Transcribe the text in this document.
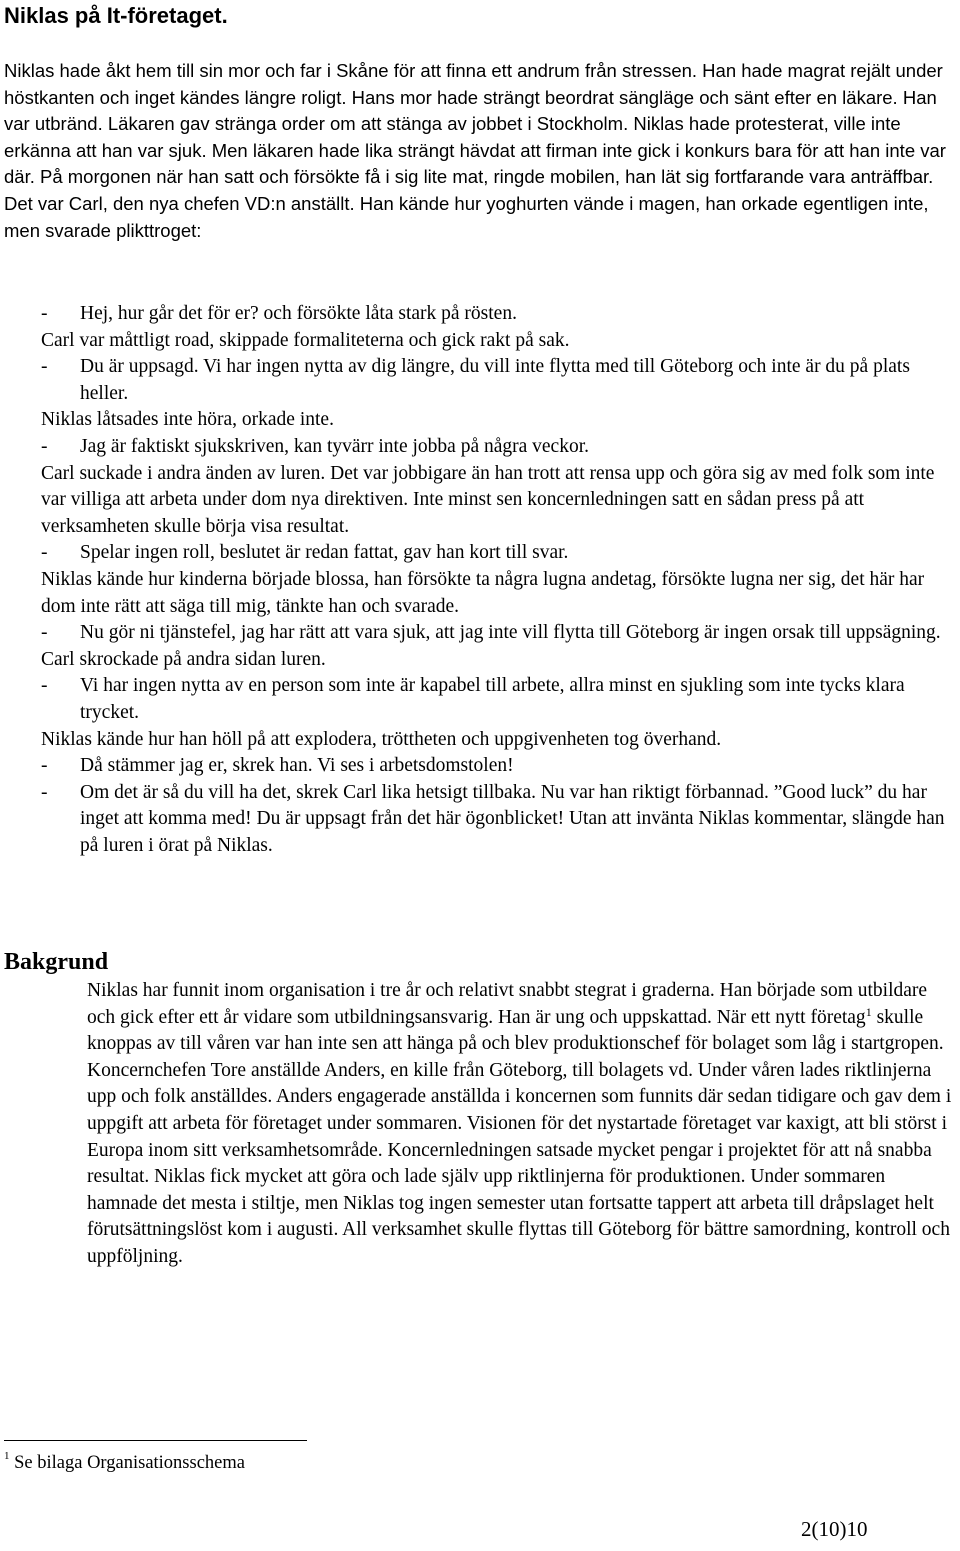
Niklas på It-företaget.

Niklas hade åkt hem till sin mor och far i Skåne för att finna ett andrum från stressen. Han hade magrat rejält under höstkanten och inget kändes längre roligt. Hans mor hade strängt beordrat sängläge och sänt efter en läkare. Han var utbränd. Läkaren gav stränga order om att stänga av jobbet i Stockholm. Niklas hade protesterat, ville inte erkänna att han var sjuk. Men läkaren hade lika strängt hävdat att firman inte gick i konkurs bara för att han inte var där. På morgonen när han satt och försökte få i sig lite mat, ringde mobilen, han lät sig fortfarande vara anträffbar. Det var Carl, den nya chefen VD:n anställt. Han kände hur yoghurten vände i magen, han orkade egentligen inte, men svarade plikttroget:

- Hej, hur går det för er? och försökte låta stark på rösten.

Carl var måttligt road, skippade formaliteterna och gick rakt på sak.

- Du är uppsagd. Vi har ingen nytta av dig längre, du vill inte flytta med till Göteborg och inte är du på plats heller.

Niklas låtsades inte höra, orkade inte.

- Jag är faktiskt sjukskriven, kan tyvärr inte jobba på några veckor.

Carl suckade i andra änden av luren. Det var jobbigare än han trott att rensa upp och göra sig av med folk som inte var villiga att arbeta under dom nya direktiven. Inte minst sen koncernledningen satt en sådan press på att verksamheten skulle börja visa resultat.

- Spelar ingen roll, beslutet är redan fattat, gav han kort till svar.

Niklas kände hur kinderna började blossa, han försökte ta några lugna andetag, försökte lugna ner sig, det här har dom inte rätt att säga till mig, tänkte han och svarade.

- Nu gör ni tjänstefel, jag har rätt att vara sjuk, att jag inte vill flytta till Göteborg är ingen orsak till uppsägning.

Carl skrockade på andra sidan luren.

- Vi har ingen nytta av en person som inte är kapabel till arbete, allra minst en sjukling som inte tycks klara trycket.

Niklas kände hur han höll på att explodera, tröttheten och uppgivenheten tog överhand.

- Då stämmer jag er, skrek han. Vi ses i arbetsdomstolen!

- Om det är så du vill ha det, skrek Carl lika hetsigt tillbaka. Nu var han riktigt förbannad. ”Good luck” du har inget att komma med! Du är uppsagt från det här ögonblicket! Utan att invänta Niklas kommentar, slängde han på luren i örat på Niklas.

Bakgrund

Niklas har funnit inom organisation i tre år och relativt snabbt stegrat i graderna. Han började som utbildare och gick efter ett år vidare som utbildningsansvarig. Han är ung och uppskattad. När ett nytt företag$^1$ skulle knoppas av till våren var han inte sen att hänga på och blev produktionschef för bolaget som låg i startgropen. Koncernchefen Tore anställde Anders, en kille från Göteborg, till bolagets vd. Under våren lades riktlinjerna upp och folk anställdes. Anders engagerade anställda i koncernen som funnits där sedan tidigare och gav dem i uppgift att arbeta för företaget under sommaren. Visionen för det nystartade företaget var kaxigt, att bli störst i Europa inom sitt verksamhetsområde. Koncernledningen satsade mycket pengar i projektet för att nå snabba resultat. Niklas fick mycket att göra och lade själv upp riktlinjerna för produktionen. Under sommaren hamnade det mesta i stiltje, men Niklas tog ingen semester utan fortsatte tappert att arbeta till dråpslaget helt förutsättningslöst kom i augusti. All verksamhet skulle flyttas till Göteborg för bättre samordning, kontroll och uppföljning.

$^1$ Se bilaga Organisationsschema

2(10)10
